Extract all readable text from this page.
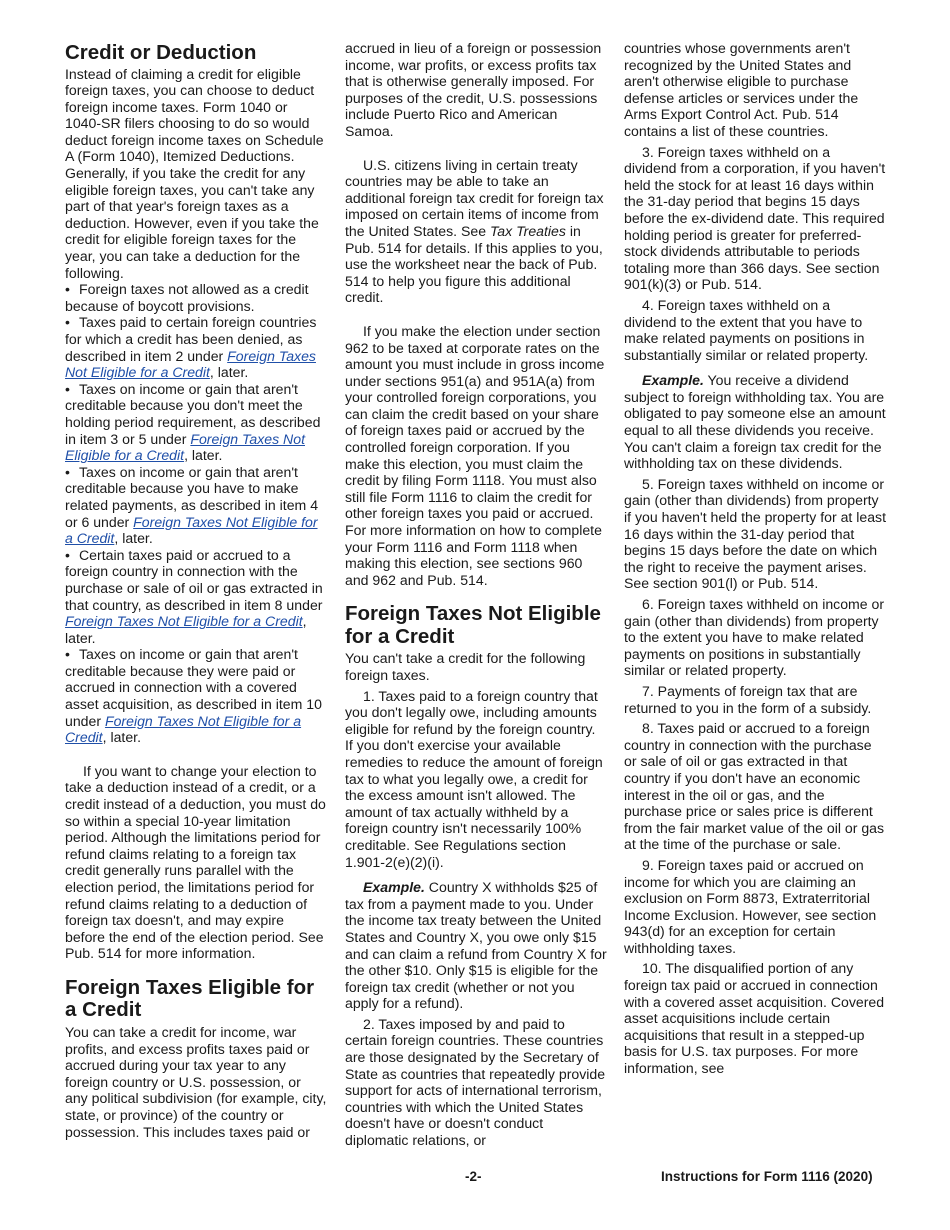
Credit or Deduction

Instead of claiming a credit for eligible foreign taxes, you can choose to deduct foreign income taxes. Form 1040 or 1040-SR filers choosing to do so would deduct foreign income taxes on Schedule A (Form 1040), Itemized Deductions. Generally, if you take the credit for any eligible foreign taxes, you can't take any part of that year's foreign taxes as a deduction. However, even if you take the credit for eligible foreign taxes for the year, you can take a deduction for the following.

• Foreign taxes not allowed as a credit because of boycott provisions.

• Taxes paid to certain foreign countries for which a credit has been denied, as described in item 2 under Foreign Taxes Not Eligible for a Credit, later.

• Taxes on income or gain that aren't creditable because you don't meet the holding period requirement, as described in item 3 or 5 under Foreign Taxes Not Eligible for a Credit, later.

• Taxes on income or gain that aren't creditable because you have to make related payments, as described in item 4 or 6 under Foreign Taxes Not Eligible for a Credit, later.

• Certain taxes paid or accrued to a foreign country in connection with the purchase or sale of oil or gas extracted in that country, as described in item 8 under Foreign Taxes Not Eligible for a Credit, later.

• Taxes on income or gain that aren't creditable because they were paid or accrued in connection with a covered asset acquisition, as described in item 10 under Foreign Taxes Not Eligible for a Credit, later.

If you want to change your election to take a deduction instead of a credit, or a credit instead of a deduction, you must do so within a special 10-year limitation period. Although the limitations period for refund claims relating to a foreign tax credit generally runs parallel with the election period, the limitations period for refund claims relating to a deduction of foreign tax doesn't, and may expire before the end of the election period. See Pub. 514 for more information.

Foreign Taxes Eligible for a Credit

You can take a credit for income, war profits, and excess profits taxes paid or accrued during your tax year to any foreign country or U.S. possession, or any political subdivision (for example, city, state, or province) of the country or possession. This includes taxes paid or

accrued in lieu of a foreign or possession income, war profits, or excess profits tax that is otherwise generally imposed. For purposes of the credit, U.S. possessions include Puerto Rico and American Samoa.

U.S. citizens living in certain treaty countries may be able to take an additional foreign tax credit for foreign tax imposed on certain items of income from the United States. See Tax Treaties in Pub. 514 for details. If this applies to you, use the worksheet near the back of Pub. 514 to help you figure this additional credit.

If you make the election under section 962 to be taxed at corporate rates on the amount you must include in gross income under sections 951(a) and 951A(a) from your controlled foreign corporations, you can claim the credit based on your share of foreign taxes paid or accrued by the controlled foreign corporation. If you make this election, you must claim the credit by filing Form 1118. You must also still file Form 1116 to claim the credit for other foreign taxes you paid or accrued. For more information on how to complete your Form 1116 and Form 1118 when making this election, see sections 960 and 962 and Pub. 514.

Foreign Taxes Not Eligible for a Credit

You can't take a credit for the following foreign taxes.

1. Taxes paid to a foreign country that you don't legally owe, including amounts eligible for refund by the foreign country. If you don't exercise your available remedies to reduce the amount of foreign tax to what you legally owe, a credit for the excess amount isn't allowed. The amount of tax actually withheld by a foreign country isn't necessarily 100% creditable. See Regulations section 1.901-2(e)(2)(i).

Example. Country X withholds $25 of tax from a payment made to you. Under the income tax treaty between the United States and Country X, you owe only $15 and can claim a refund from Country X for the other $10. Only $15 is eligible for the foreign tax credit (whether or not you apply for a refund).

2. Taxes imposed by and paid to certain foreign countries. These countries are those designated by the Secretary of State as countries that repeatedly provide support for acts of international terrorism, countries with which the United States doesn't have or doesn't conduct diplomatic relations, or

countries whose governments aren't recognized by the United States and aren't otherwise eligible to purchase defense articles or services under the Arms Export Control Act. Pub. 514 contains a list of these countries.

3. Foreign taxes withheld on a dividend from a corporation, if you haven't held the stock for at least 16 days within the 31-day period that begins 15 days before the ex-dividend date. This required holding period is greater for preferred-stock dividends attributable to periods totaling more than 366 days. See section 901(k)(3) or Pub. 514.

4. Foreign taxes withheld on a dividend to the extent that you have to make related payments on positions in substantially similar or related property.

Example. You receive a dividend subject to foreign withholding tax. You are obligated to pay someone else an amount equal to all these dividends you receive. You can't claim a foreign tax credit for the withholding tax on these dividends.

5. Foreign taxes withheld on income or gain (other than dividends) from property if you haven't held the property for at least 16 days within the 31-day period that begins 15 days before the date on which the right to receive the payment arises. See section 901(l) or Pub. 514.

6. Foreign taxes withheld on income or gain (other than dividends) from property to the extent you have to make related payments on positions in substantially similar or related property.

7. Payments of foreign tax that are returned to you in the form of a subsidy.

8. Taxes paid or accrued to a foreign country in connection with the purchase or sale of oil or gas extracted in that country if you don't have an economic interest in the oil or gas, and the purchase price or sales price is different from the fair market value of the oil or gas at the time of the purchase or sale.

9. Foreign taxes paid or accrued on income for which you are claiming an exclusion on Form 8873, Extraterritorial Income Exclusion. However, see section 943(d) for an exception for certain withholding taxes.

10. The disqualified portion of any foreign tax paid or accrued in connection with a covered asset acquisition. Covered asset acquisitions include certain acquisitions that result in a stepped-up basis for U.S. tax purposes. For more information, see

-2-	Instructions for Form 1116 (2020)
